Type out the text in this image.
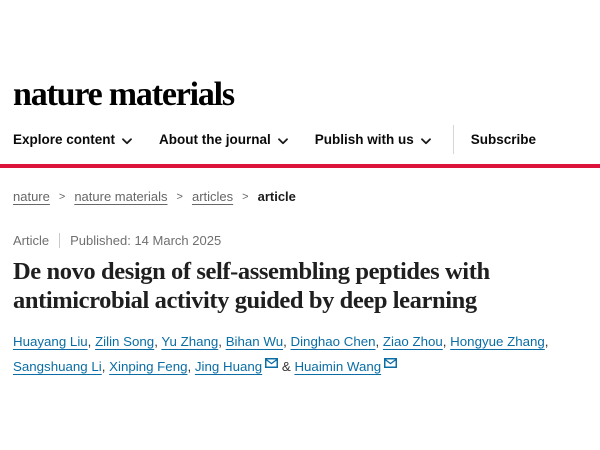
nature materials
Explore content	About the journal	Publish with us	Subscribe
nature > nature materials > articles > article
Article Published: 14 March 2025
De novo design of self-assembling peptides with antimicrobial activity guided by deep learning

Huayang Liu, Zilin Song, Yu Zhang, Bihan Wu, Dinghao Chen, Ziao Zhou, Hongyue Zhang, Sangshuang Li, Xinping Feng, Jing Huang & Huaimin Wang
